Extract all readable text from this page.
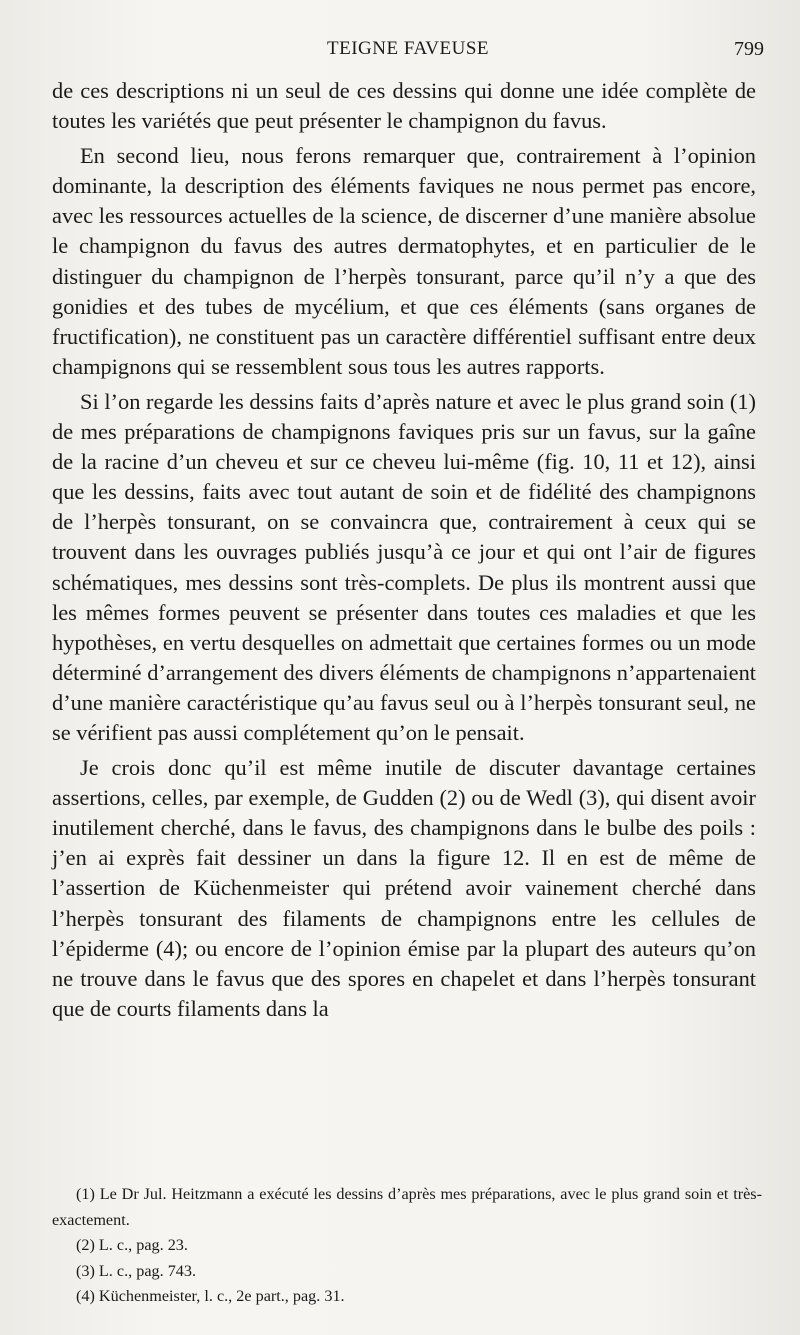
TEIGNE FAVEUSE	799

de ces descriptions ni un seul de ces dessins qui donne une idée complète de toutes les variétés que peut présenter le champignon du favus.

En second lieu, nous ferons remarquer que, contrairement à l’opinion dominante, la description des éléments faviques ne nous permet pas encore, avec les ressources actuelles de la science, de discerner d’une manière absolue le champignon du favus des autres dermatophytes, et en particulier de le distinguer du champignon de l’herpès tonsurant, parce qu’il n’y a que des gonidies et des tubes de mycélium, et que ces éléments (sans organes de fructification), ne constituent pas un caractère différentiel suffisant entre deux champignons qui se ressemblent sous tous les autres rapports.

Si l’on regarde les dessins faits d’après nature et avec le plus grand soin (1) de mes préparations de champignons faviques pris sur un favus, sur la gaîne de la racine d’un cheveu et sur ce cheveu lui-même (fig. 10, 11 et 12), ainsi que les dessins, faits avec tout autant de soin et de fidélité des champignons de l’herpès tonsurant, on se convaincra que, contrairement à ceux qui se trouvent dans les ouvrages publiés jusqu’à ce jour et qui ont l’air de figures schématiques, mes dessins sont très-complets. De plus ils montrent aussi que les mêmes formes peuvent se présenter dans toutes ces maladies et que les hypothèses, en vertu desquelles on admettait que certaines formes ou un mode déterminé d’arrangement des divers éléments de champignons n’appartenaient d’une manière caractéristique qu’au favus seul ou à l’herpès tonsurant seul, ne se vérifient pas aussi complétement qu’on le pensait.

Je crois donc qu’il est même inutile de discuter davantage certaines assertions, celles, par exemple, de Gudden (2) ou de Wedl (3), qui disent avoir inutilement cherché, dans le favus, des champignons dans le bulbe des poils : j’en ai exprès fait dessiner un dans la figure 12. Il en est de même de l’assertion de Küchenmeister qui prétend avoir vainement cherché dans l’herpès tonsurant des filaments de champignons entre les cellules de l’épiderme (4); ou encore de l’opinion émise par la plupart des auteurs qu’on ne trouve dans le favus que des spores en chapelet et dans l’herpès tonsurant que de courts filaments dans la

(1) Le Dr Jul. Heitzmann a exécuté les dessins d’après mes préparations, avec le plus grand soin et très-exactement.

(2) L. c., pag. 23.

(3) L. c., pag. 743.

(4) Küchenmeister, l. c., 2e part., pag. 31.
